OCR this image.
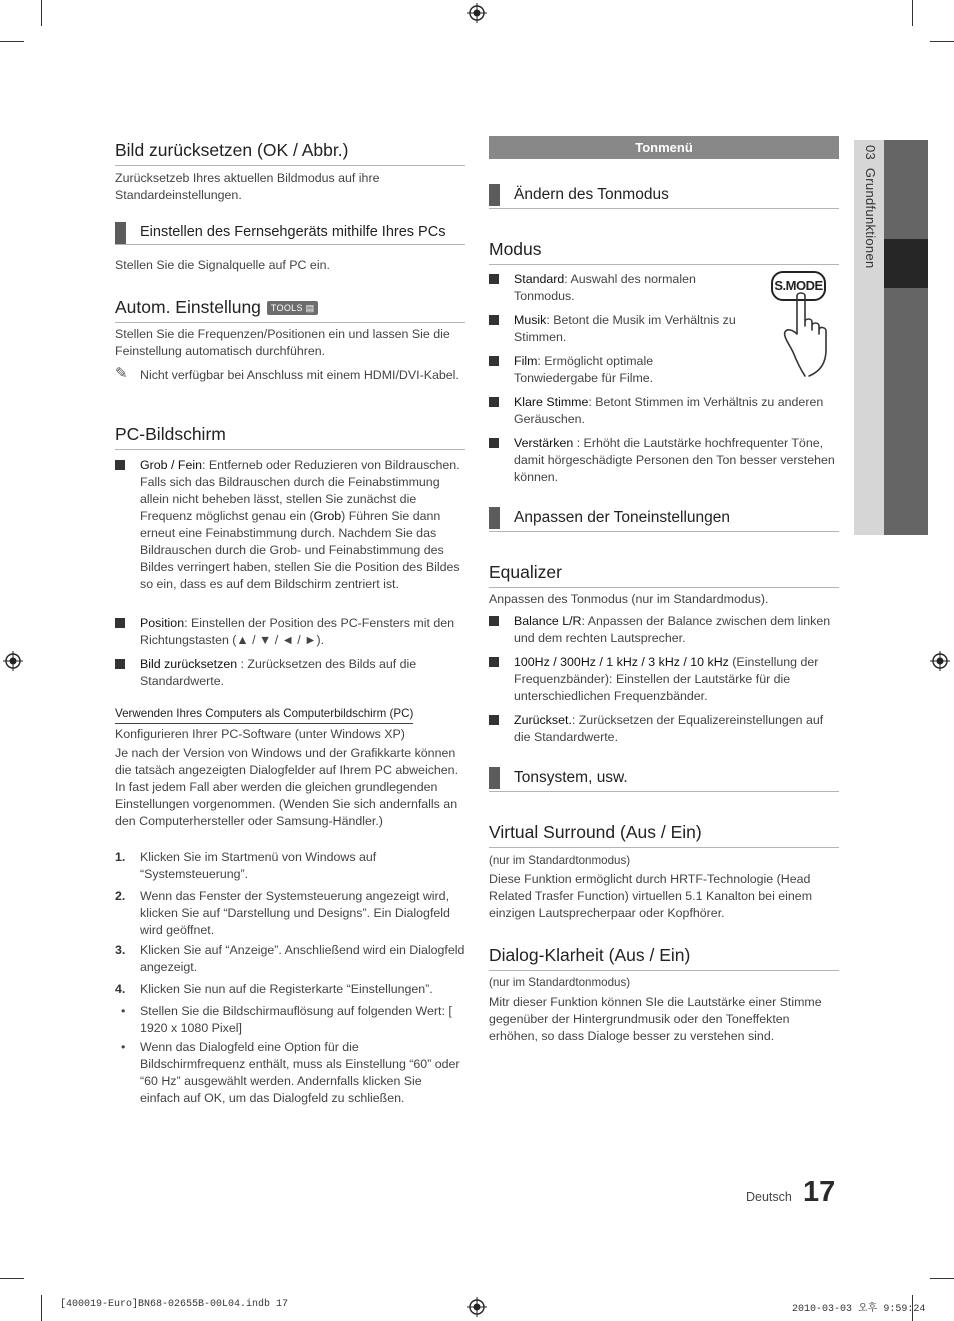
Bild zurücksetzen (OK / Abbr.)
Zurücksetzeb Ihres aktuellen Bildmodus auf ihre Standardeinstellungen.
Einstellen des Fernsehgeräts mithilfe Ihres PCs
Stellen Sie die Signalquelle auf PC ein.
Autom. Einstellung TOOLS ▤
Stellen Sie die Frequenzen/Positionen ein und lassen Sie die Feinstellung automatisch durchführen.
✎ Nicht verfügbar bei Anschluss mit einem HDMI/DVI-Kabel.
PC-Bildschirm
Grob / Fein: Entferneb oder Reduzieren von Bildrauschen. Falls sich das Bildrauschen durch die Feinabstimmung allein nicht beheben lässt, stellen Sie zunächst die Frequenz möglichst genau ein (Grob) Führen Sie dann erneut eine Feinabstimmung durch. Nachdem Sie das Bildrauschen durch die Grob- und Feinabstimmung des Bildes verringert haben, stellen Sie die Position des Bildes so ein, dass es auf dem Bildschirm zentriert ist.
Position: Einstellen der Position des PC-Fensters mit den Richtungstasten (▲ / ▼ / ◄ / ►).
Bild zurücksetzen : Zurücksetzen des Bilds auf die Standardwerte.
Verwenden Ihres Computers als Computerbildschirm (PC)
Konfigurieren Ihrer PC-Software (unter Windows XP)
Je nach der Version von Windows und der Grafikkarte können die tatsäch angezeigten Dialogfelder auf Ihrem PC abweichen. In fast jedem Fall aber werden die gleichen grundlegenden Einstellungen vorgenommen. (Wenden Sie sich andernfalls an den Computerhersteller oder Samsung-Händler.)
1. Klicken Sie im Startmenü von Windows auf “Systemsteuerung”.
2. Wenn das Fenster der Systemsteuerung angezeigt wird, klicken Sie auf “Darstellung und Designs”. Ein Dialogfeld wird geöffnet.
3. Klicken Sie auf “Anzeige”. Anschließend wird ein Dialogfeld angezeigt.
4. Klicken Sie nun auf die Registerkarte “Einstellungen”.
• Stellen Sie die Bildschirmauflösung auf folgenden Wert: [ 1920 x 1080 Pixel]
• Wenn das Dialogfeld eine Option für die Bildschirmfrequenz enthält, muss als Einstellung “60” oder “60 Hz” ausgewählt werden. Andernfalls klicken Sie einfach auf OK, um das Dialogfeld zu schließen.
Tonmenü
Ändern des Tonmodus
Modus
Standard: Auswahl des normalen Tonmodus.
Musik: Betont die Musik im Verhältnis zu Stimmen.
Film: Ermöglicht optimale Tonwiedergabe für Filme.
Klare Stimme: Betont Stimmen im Verhältnis zu anderen Geräuschen.
Verstärken : Erhöht die Lautstärke hochfrequenter Töne, damit hörgeschädigte Personen den Ton besser verstehen können.
Anpassen der Toneinstellungen
Equalizer
Anpassen des Tonmodus (nur im Standardmodus).
Balance L/R: Anpassen der Balance zwischen dem linken und dem rechten Lautsprecher.
100Hz / 300Hz / 1 kHz / 3 kHz / 10 kHz (Einstellung der Frequenzbänder): Einstellen der Lautstärke für die unterschiedlichen Frequenzbänder.
Zurückset.: Zurücksetzen der Equalizereinstellungen auf die Standardwerte.
Tonsystem, usw.
Virtual Surround (Aus / Ein)
(nur im Standardtonmodus)
Diese Funktion ermöglicht durch HRTF-Technologie (Head Related Trasfer Function) virtuellen 5.1 Kanalton bei einem einzigen Lautsprecherpaar oder Kopfhörer.
Dialog-Klarheit (Aus / Ein)
(nur im Standardtonmodus)
Mitr dieser Funktion können SIe die Lautstärke einer Stimme gegenüber der Hintergrundmusik oder den Toneffekten erhöhen, so dass Dialoge besser zu verstehen sind.
S.MODE
03  Grundfunktionen
Deutsch 17
[400019-Euro]BN68-02655B-00L04.indb 17	2010-03-03 오후 9:59:24
